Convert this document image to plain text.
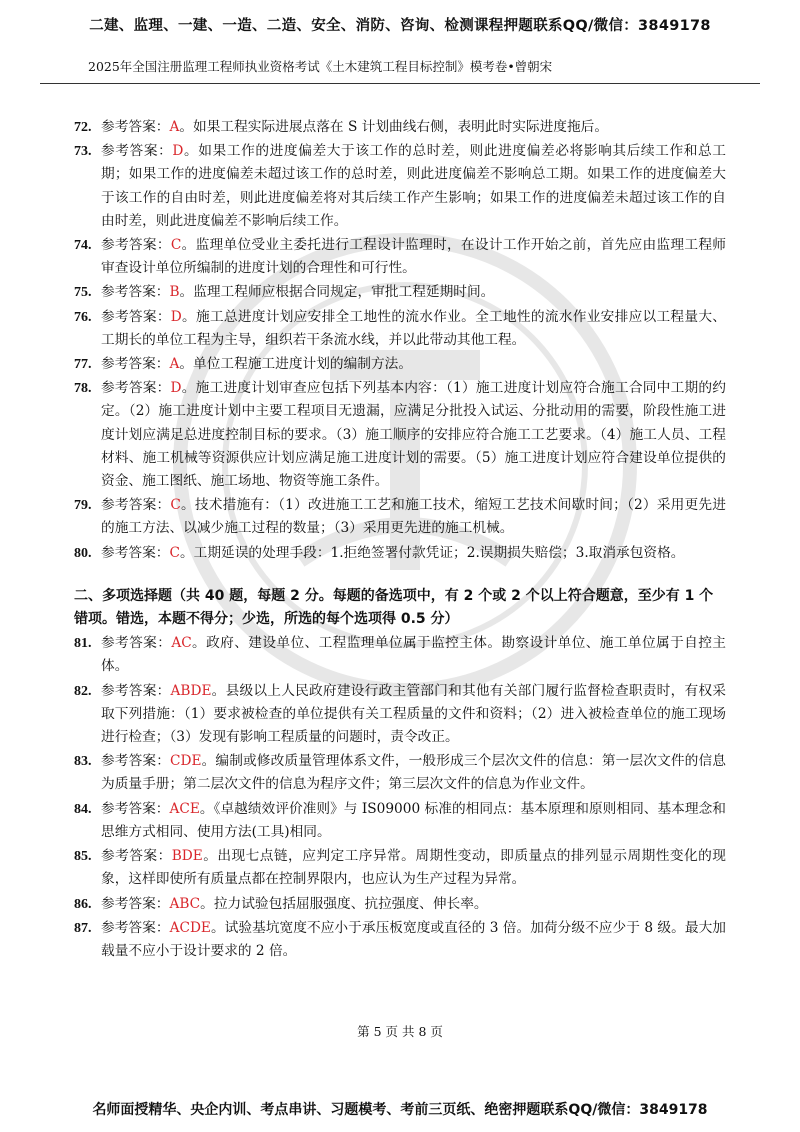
二建、监理、一建、一造、二造、安全、消防、咨询、检测课程押题联系QQ/微信：3849178
2025年全国注册监理工程师执业资格考试《土木建筑工程目标控制》模考卷•曾朝宋
72. 参考答案：A。如果工程实际进展点落在 S 计划曲线右侧，表明此时实际进度拖后。
73. 参考答案：D。如果工作的进度偏差大于该工作的总时差，则此进度偏差必将影响其后续工作和总工期；如果工作的进度偏差未超过该工作的总时差，则此进度偏差不影响总工期。如果工作的进度偏差大于该工作的自由时差，则此进度偏差将对其后续工作产生影响；如果工作的进度偏差未超过该工作的自由时差，则此进度偏差不影响后续工作。
74. 参考答案：C。监理单位受业主委托进行工程设计监理时，在设计工作开始之前，首先应由监理工程师审查设计单位所编制的进度计划的合理性和可行性。
75. 参考答案：B。监理工程师应根据合同规定，审批工程延期时间。
76. 参考答案：D。施工总进度计划应安排全工地性的流水作业。全工地性的流水作业安排应以工程量大、工期长的单位工程为主导，组织若干条流水线，并以此带动其他工程。
77. 参考答案：A。单位工程施工进度计划的编制方法。
78. 参考答案：D。施工进度计划审查应包括下列基本内容：（1）施工进度计划应符合施工合同中工期的约定。（2）施工进度计划中主要工程项目无遗漏，应满足分批投入试运、分批动用的需要，阶段性施工进度计划应满足总进度控制目标的要求。（3）施工顺序的安排应符合施工工艺要求。（4）施工人员、工程材料、施工机械等资源供应计划应满足施工进度计划的需要。（5）施工进度计划应符合建设单位提供的资金、施工图纸、施工场地、物资等施工条件。
79. 参考答案：C。技术措施有：（1）改进施工工艺和施工技术，缩短工艺技术间歇时间；（2）采用更先进的施工方法、以减少施工过程的数量；（3）采用更先进的施工机械。
80. 参考答案：C。工期延误的处理手段：1.拒绝签署付款凭证；2.误期损失赔偿；3.取消承包资格。
二、多项选择题（共 40 题，每题 2 分。每题的备选项中，有 2 个或 2 个以上符合题意，至少有 1 个错项。错选，本题不得分；少选，所选的每个选项得 0.5 分）
81. 参考答案：AC。政府、建设单位、工程监理单位属于监控主体。勘察设计单位、施工单位属于自控主体。
82. 参考答案：ABDE。县级以上人民政府建设行政主管部门和其他有关部门履行监督检查职责时，有权采取下列措施：（1）要求被检查的单位提供有关工程质量的文件和资料；（2）进入被检查单位的施工现场进行检查；（3）发现有影响工程质量的问题时，责令改正。
83. 参考答案：CDE。编制或修改质量管理体系文件，一般形成三个层次文件的信息：第一层次文件的信息为质量手册；第二层次文件的信息为程序文件；第三层次文件的信息为作业文件。
84. 参考答案：ACE。《卓越绩效评价准则》与 IS09000 标准的相同点：基本原理和原则相同、基本理念和思维方式相同、使用方法(工具)相同。
85. 参考答案：BDE。出现七点链，应判定工序异常。周期性变动，即质量点的排列显示周期性变化的现象，这样即使所有质量点都在控制界限内，也应认为生产过程为异常。
86. 参考答案：ABC。拉力试验包括屈服强度、抗拉强度、伸长率。
87. 参考答案：ACDE。试验基坑宽度不应小于承压板宽度或直径的 3 倍。加荷分级不应少于 8 级。最大加载量不应小于设计要求的 2 倍。
第 5 页 共 8 页
名师面授精华、央企内训、考点串讲、习题模考、考前三页纸、绝密押题联系QQ/微信：3849178
